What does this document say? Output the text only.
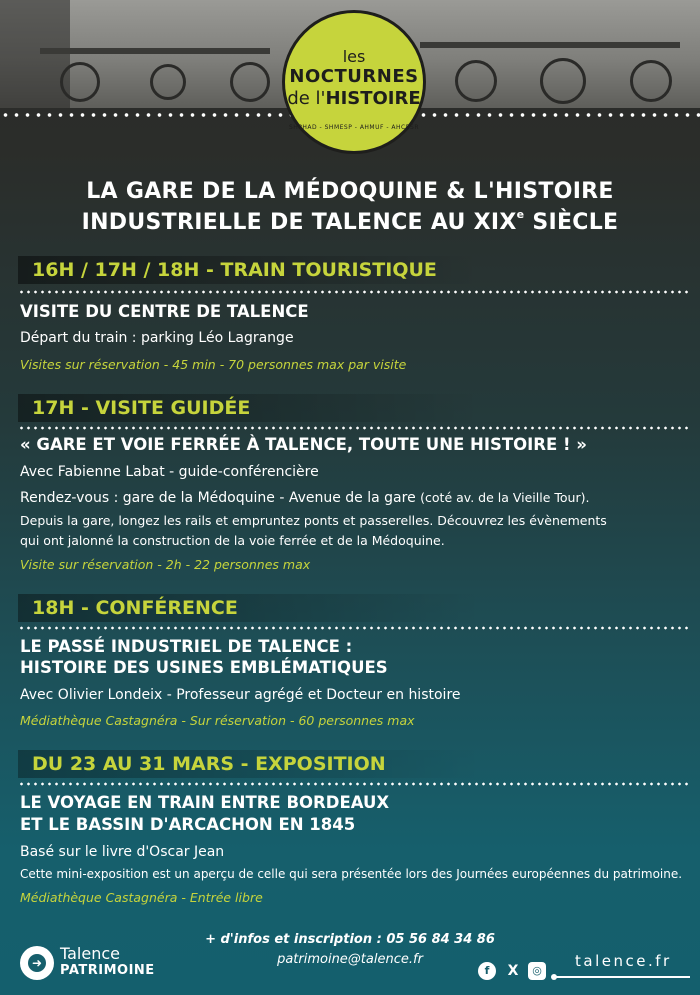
les
NOCTURNES
de l'HISTOIRE
SHPHAD - SHMESP - AHMUF - AHCESR
LA GARE DE LA MÉDOQUINE & L'HISTOIRE
INDUSTRIELLE DE TALENCE AU XIXe SIÈCLE
16H / 17H / 18H - TRAIN TOURISTIQUE
VISITE DU CENTRE DE TALENCE
Départ du train : parking Léo Lagrange
Visites sur réservation - 45 min - 70 personnes max par visite
17H - VISITE GUIDÉE
« GARE ET VOIE FERRÉE À TALENCE, TOUTE UNE HISTOIRE ! »
Avec Fabienne Labat - guide-conférencière
Rendez-vous : gare de la Médoquine - Avenue de la gare (coté av. de la Vieille Tour).
Depuis la gare, longez les rails et empruntez ponts et passerelles. Découvrez les évènements
qui ont jalonné la construction de la voie ferrée et de la Médoquine.
Visite sur réservation - 2h - 22 personnes max
18H - CONFÉRENCE
LE PASSÉ INDUSTRIEL DE TALENCE :
HISTOIRE DES USINES EMBLÉMATIQUES
Avec Olivier Londeix - Professeur agrégé et Docteur en histoire
Médiathèque Castagnéra - Sur réservation - 60 personnes max
DU 23 AU 31 MARS - EXPOSITION
LE VOYAGE EN TRAIN ENTRE BORDEAUX
ET LE BASSIN D'ARCACHON EN 1845
Basé sur le livre d'Oscar Jean
Cette mini-exposition est un aperçu de celle qui sera présentée lors des Journées européennes du patrimoine.
Médiathèque Castagnéra - Entrée libre
➜ Talence
PATRIMOINE
+ d'infos et inscription : 05 56 84 34 86
patrimoine@talence.fr
f	X	◎
talence.fr
